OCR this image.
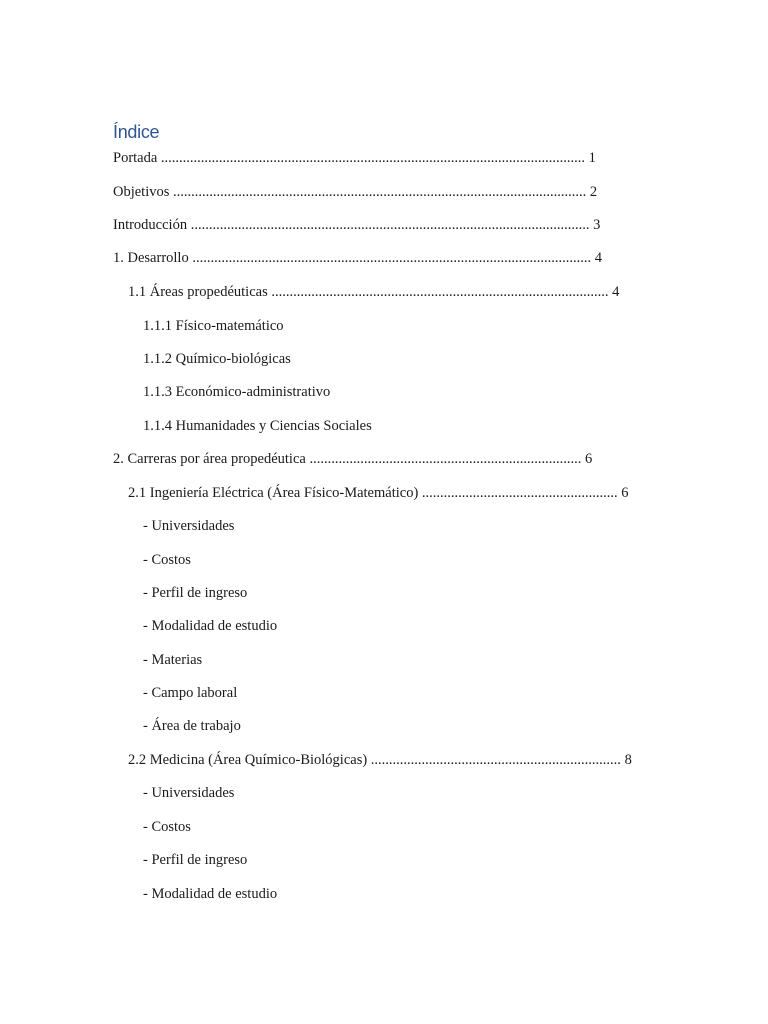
Índice
Portada ..................................................................................................................... 1
Objetivos .................................................................................................................. 2
Introducción .............................................................................................................. 3
1. Desarrollo .............................................................................................................. 4
1.1 Áreas propedéuticas ............................................................................................. 4
1.1.1 Físico-matemático
1.1.2 Químico-biológicas
1.1.3 Económico-administrativo
1.1.4 Humanidades y Ciencias Sociales
2. Carreras por área propedéutica ........................................................................... 6
2.1 Ingeniería Eléctrica (Área Físico-Matemático) ...................................................... 6
- Universidades
- Costos
- Perfil de ingreso
- Modalidad de estudio
- Materias
- Campo laboral
- Área de trabajo
2.2 Medicina (Área Químico-Biológicas) ..................................................................... 8
- Universidades
- Costos
- Perfil de ingreso
- Modalidad de estudio
